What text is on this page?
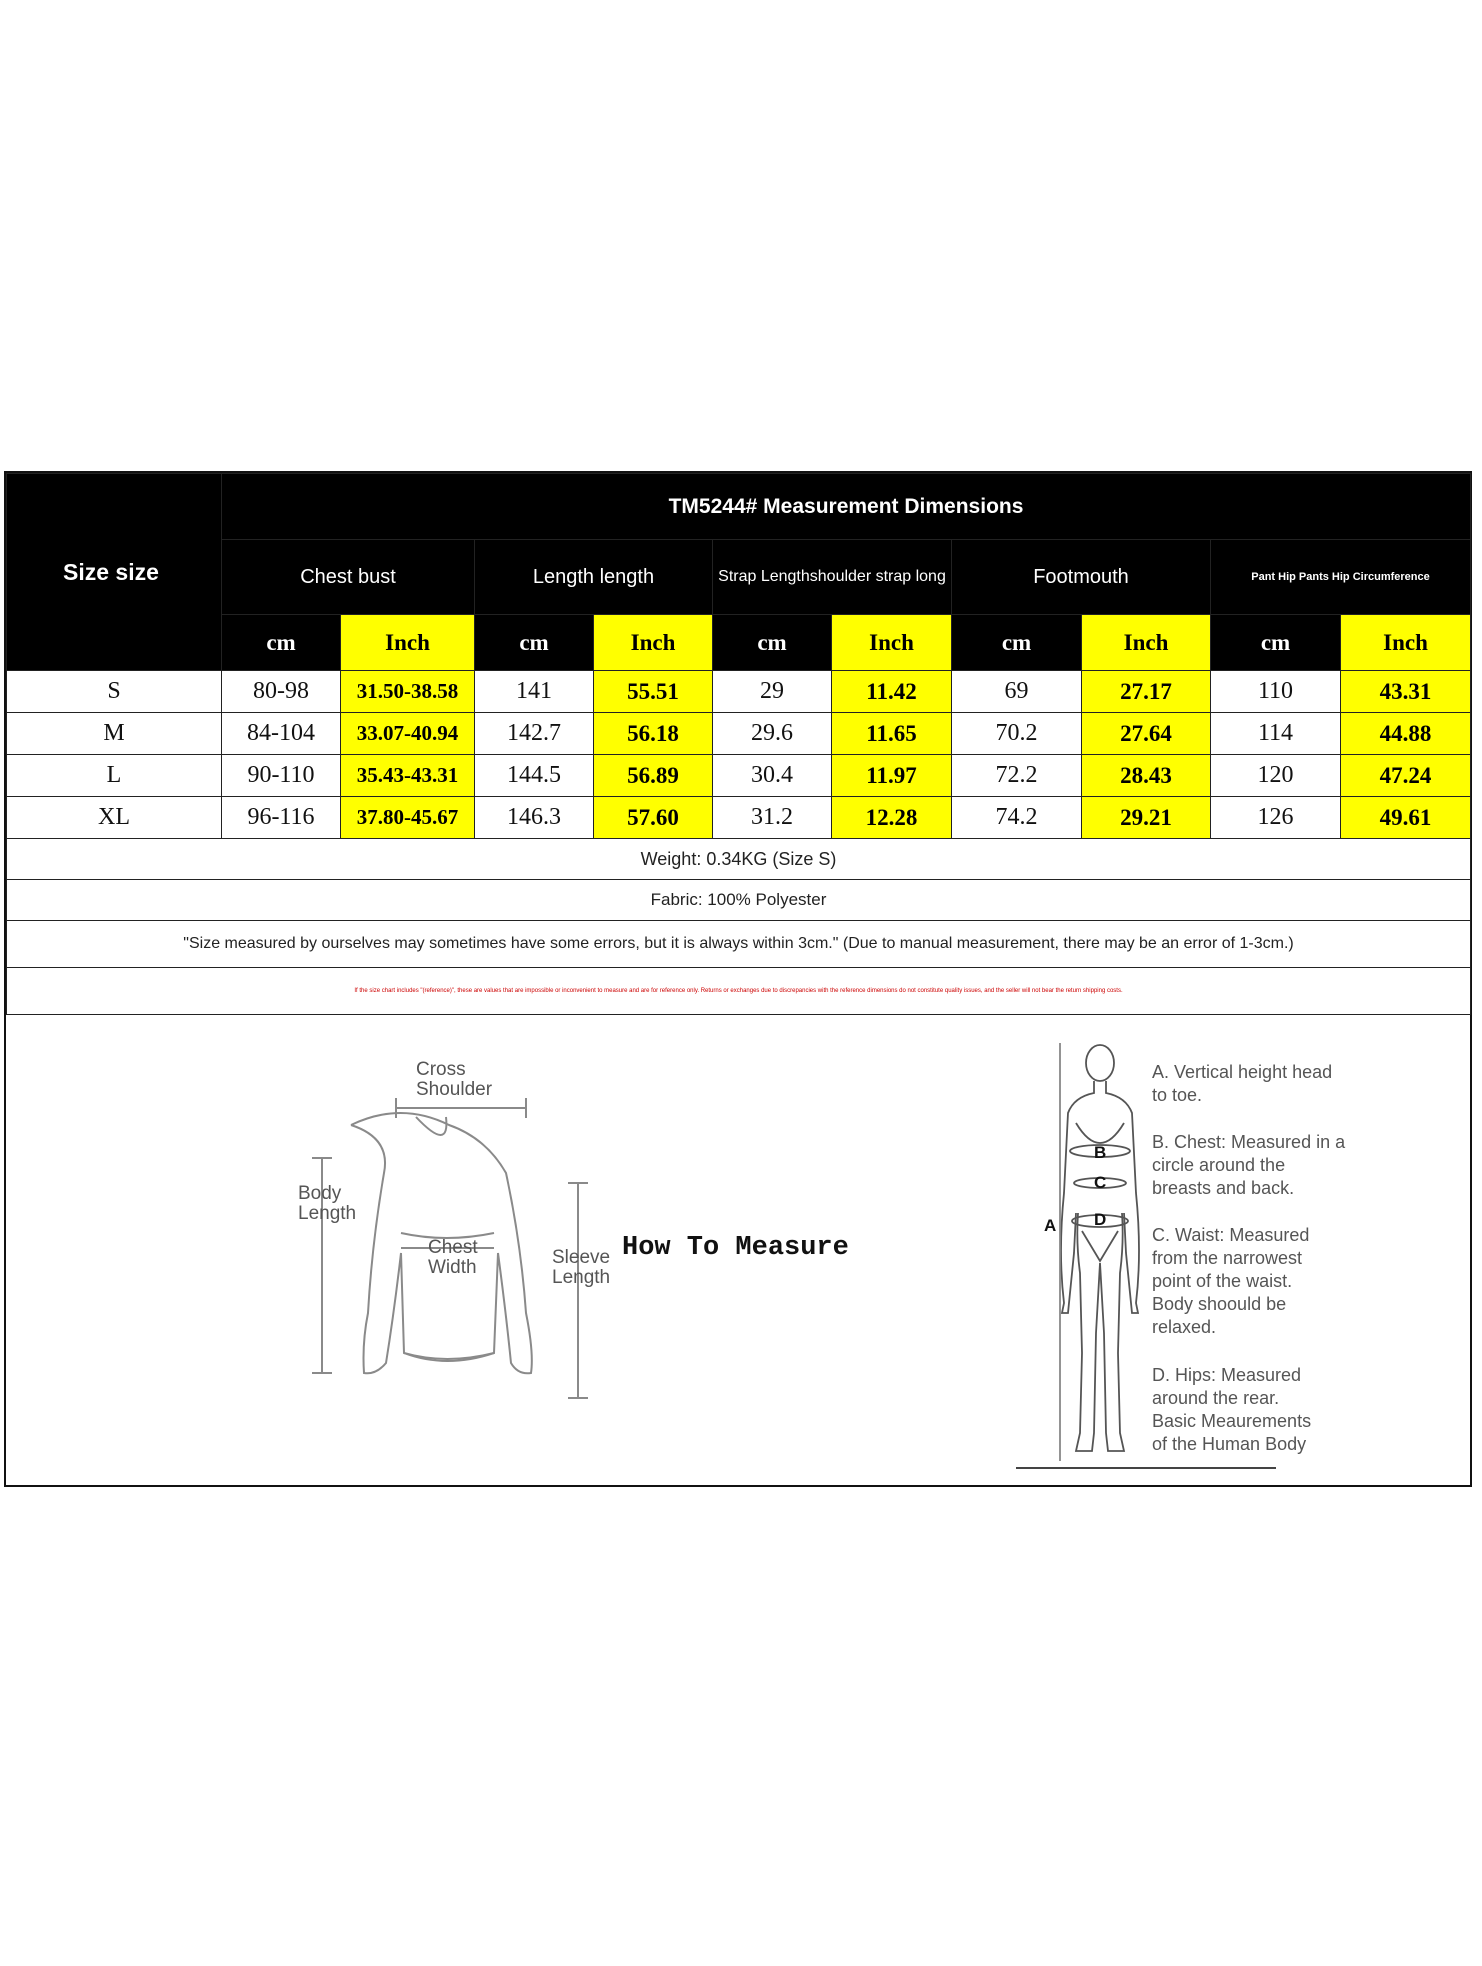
Size size	TM5244# Measurement Dimensions									
	Chest bust		Length length		Strap Lengthshoulder strap long		Footmouth		Pant Hip Pants Hip Circumference	
	cm	Inch	cm	Inch	cm	Inch	cm	Inch	cm	Inch
S	80-98	31.50-38.58	141	55.51	29	11.42	69	27.17	110	43.31
M	84-104	33.07-40.94	142.7	56.18	29.6	11.65	70.2	27.64	114	44.88
L	90-110	35.43-43.31	144.5	56.89	30.4	11.97	72.2	28.43	120	47.24
XL	96-116	37.80-45.67	146.3	57.60	31.2	12.28	74.2	29.21	126	49.61
Weight: 0.34KG (Size S)										
Fabric: 100% Polyester										
"Size measured by ourselves may sometimes have some errors, but it is always within 3cm." (Due to manual measurement, there may be an error of 1-3cm.)										
If the size chart includes "(reference)", these are values that are impossible or inconvenient to measure and are for reference only. Returns or exchanges due to discrepancies with the reference dimensions do not constitute quality issues, and the seller will not bear the return shipping costs.										
Cross
Shoulder
Body
Length
Chest
Width	Sleeve
Length
How To Measure
B
C
D
A
A. Vertical height head
to toe.
B. Chest: Measured in a
circle around the
breasts and back.
C. Waist: Measured
from the narrowest
point of the waist.
Body shoould be
relaxed.
D. Hips: Measured
around the rear.
Basic Meaurements
of the Human Body
